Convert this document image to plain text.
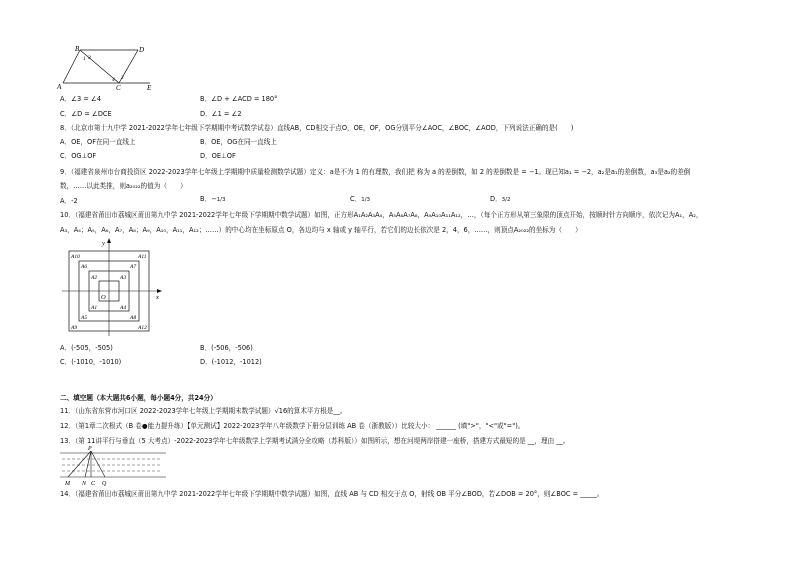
B	D
A	C	E
1
2
3
4
A．∠3 = ∠4	B．∠D + ∠ACD = 180°
C．∠D = ∠DCE	D．∠1 = ∠2
8．（北京市第十九中学 2021-2022学年七年级下学期期中考试数学试卷）直线AB，CD相交于点O，OE，OF，OG分别平分∠AOC，∠BOC，∠AOD，下列说法正确的是(　　)
A．OE，OF在同一直线上	B．OE，OG在同一直线上
C．OG⊥OF	D．OE⊥OF
9．（福建省泉州市台商投资区 2022-2023学年七年级上学期期中质量检测数学试题）定义：a是不为 1 的有理数，我们把 称为 a 的差倒数，如 2 的差倒数是 = −1。现已知a₁ = −2，a₂是a₁的差倒数，a₃是a₂的差倒
数，……以此类推，则a₂₀₂₂的值为（　　）
A．-2	B．−1/3	C．1/3	D．3/2
10．（福建省莆田市荔城区莆田第九中学 2021-2022学年七年级下学期期中数学试题）如图，正方形A₁A₂A₃A₄，A₅A₆A₇A₈，A₉A₁₀A₁₁A₁₂，…，（每个正方形从第三象限的顶点开始，按顺时针方向顺序，依次记为A₁，A₂，
A₃，A₄；A₅，A₆，A₇，A₈；A₉，A₁₀，A₁₁，A₁₂；……）的中心均在坐标原点 O，各边均与 x 轴或 y 轴平行，若它们的边长依次是 2，4，6，……，则顶点A₂₀₂₂的坐标为（　　）
y
x
O
A10	A11
A6	A7
A2	A3
A1	A4
A5	A8
A9	A12
A．(-505，-505)	B．(-506，-506)
C．(-1010，-1010)	D．(-1012，-1012)
二、填空题（本大题共6小题，每小题4分，共24分）
11．（山东省东营市河口区 2022-2023学年七年级上学期期末数学试题）√16的算术平方根是__。
12．（第1章二次根式（B 卷●能力提升练）【单元测试】2022-2023学年八年级数学下册分层训练 AB 卷（浙教版））比较大小： ______ (填">"，"<"或"=")。
13．（第 11讲平行与垂直（5 大考点）-2022-2023学年七年级数学上学期考试满分全攻略（苏科版））如图所示，想在河堤两岸搭建一座桥，搭建方式最短的是 __，理由 __。
P
M N C Q
14．（福建省莆田市荔城区莆田第九中学 2021-2022学年七年级下学期期中数学试题）如图，直线 AB 与 CD 相交于点 O，射线 OB 平分∠BOD，若∠DOB = 20°，则∠BOC = _____。
